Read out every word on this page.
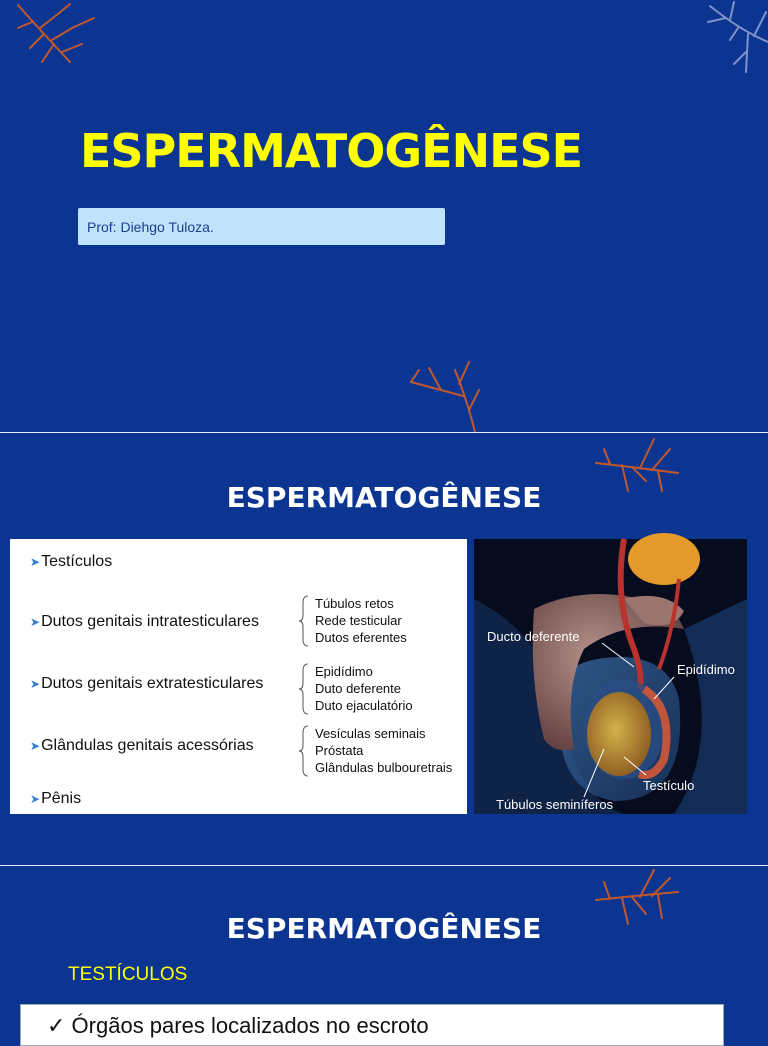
ESPERMATOGÊNESE
Prof: Diehgo Tuloza.
ESPERMATOGÊNESE
➤Testículos
➤Dutos genitais intratesticulares
Túbulos retos
Rede testicular
Dutos eferentes
➤Dutos genitais extratesticulares
Epidídimo
Duto deferente
Duto ejaculatório
➤Glândulas genitais acessórias
Vesículas seminais
Próstata
Glândulas bulbouretrais
➤Pênis
Ducto deferente
Epidídimo
Testículo
Túbulos seminíferos
ESPERMATOGÊNESE
TESTÍCULOS
✓ Órgãos pares localizados no escroto
